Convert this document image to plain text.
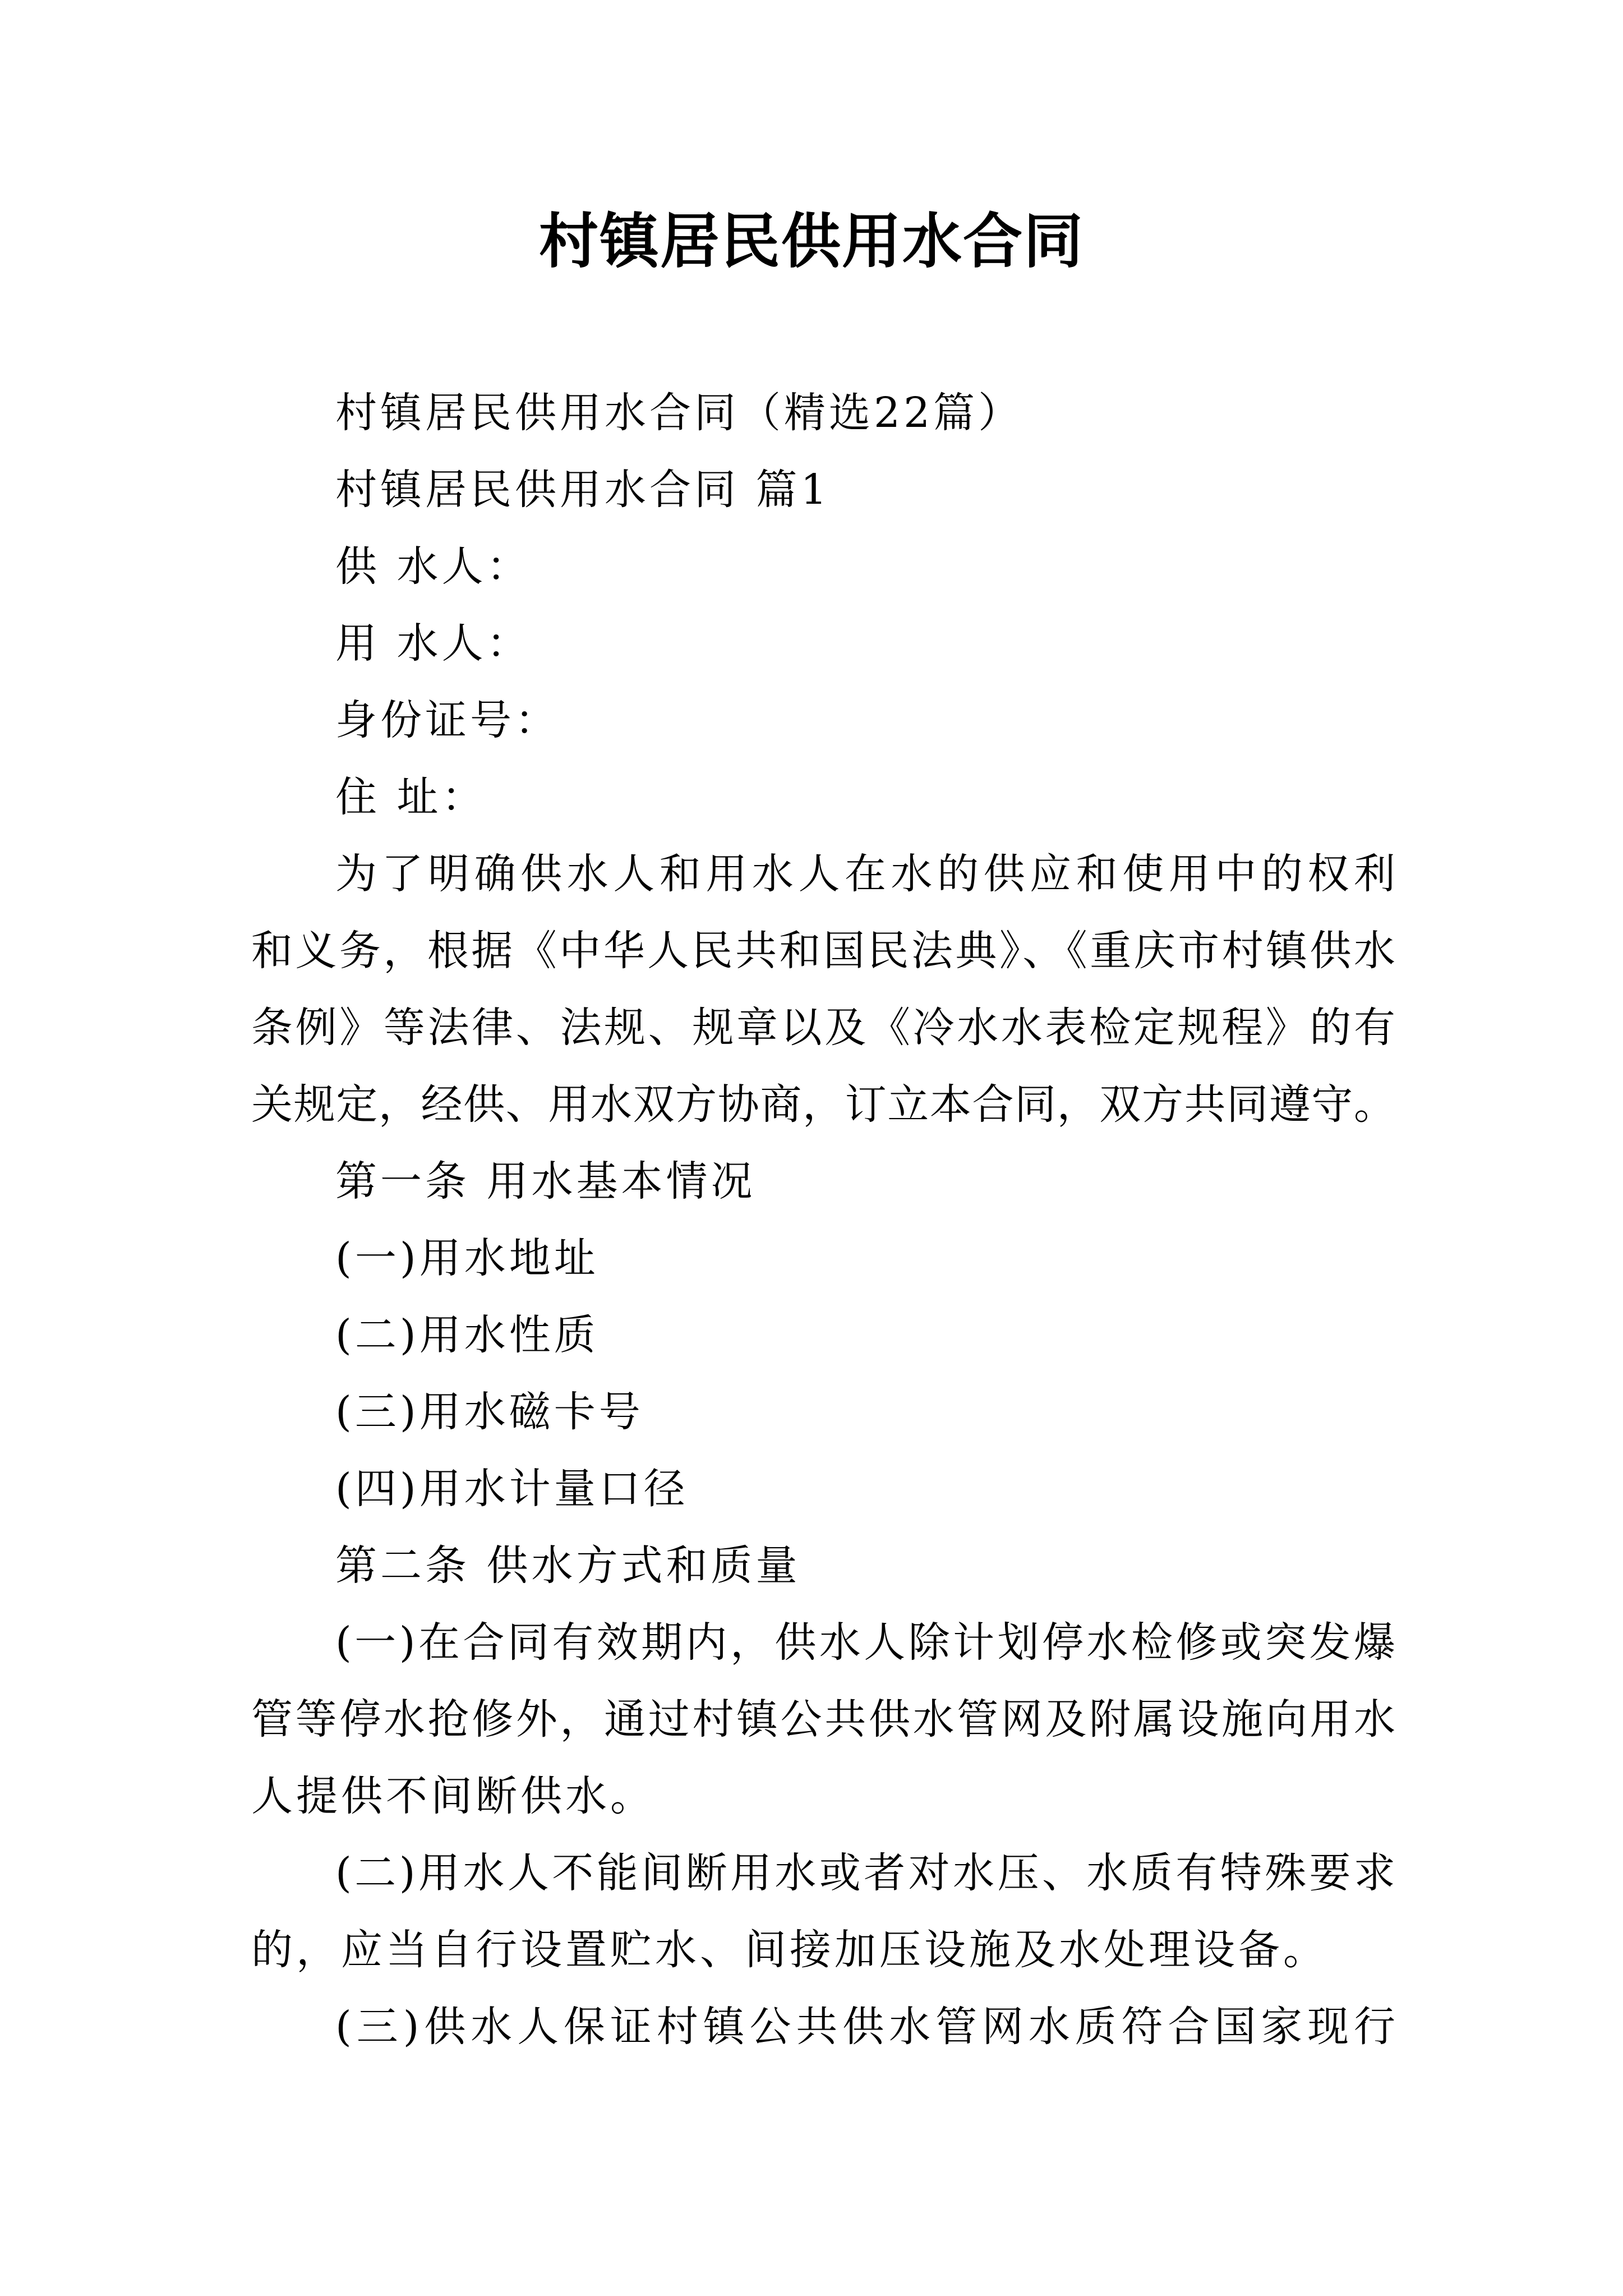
村镇居民供用水合同

村镇居民供用水合同（精选22篇）

村镇居民供用水合同 篇1

供 水人：

用 水人：

身份证号：

住 址：

为了明确供水人和用水人在水的供应和使用中的权利

和义务，根据《中华人民共和国民法典》、《重庆市村镇供水

条例》等法律、法规、规章以及《冷水水表检定规程》的有

关规定，经供、用水双方协商，订立本合同，双方共同遵守。

第一条 用水基本情况

(一)用水地址

(二)用水性质

(三)用水磁卡号

(四)用水计量口径

第二条 供水方式和质量

(一)在合同有效期内，供水人除计划停水检修或突发爆

管等停水抢修外，通过村镇公共供水管网及附属设施向用水

人提供不间断供水。

(二)用水人不能间断用水或者对水压、水质有特殊要求

的，应当自行设置贮水、间接加压设施及水处理设备。

(三)供水人保证村镇公共供水管网水质符合国家现行
